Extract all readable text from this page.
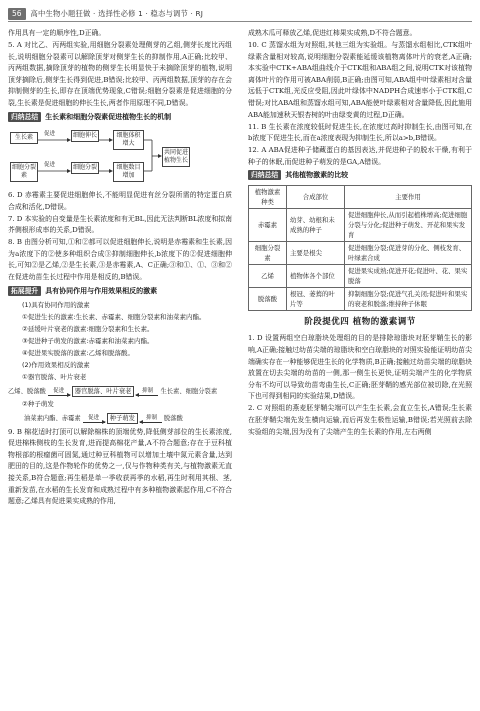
56	高中生物小题狂做 · 选择性必修 1 · 稳态与调节 · RJ

作用具有一定的顺序性,D正确。

5. A 对比乙、丙两组实验,用细胞分裂素处理侧芽的乙组,侧芽长度比丙组长,说明细胞分裂素可以解除顶芽对侧芽生长的抑制作用,A正确;比较甲、丙两组数据,摘除顶芽的植物的侧芽生长明显快于未摘除顶芽的植物,说明顶芽摘除后,侧芽生长得到促进,B错误;比较甲、丙两组数据,顶芽的存在会抑制侧芽的生长,即存在顶端优势现象,C错误;细胞分裂素是促进细胞的分裂,生长素是促进细胞的伸长生长,两者作用原理不同,D错误。

归纳总结 生长素和细胞分裂素促进植物生长的机制
生长素	促进	细胞伸长	细胞体积增大
细胞分裂素
促进	细胞分裂	细胞数目增加
共同促进植物生长

6. D 赤霉素主要促进细胞伸长,不能明显促进有丝分裂所需的特定蛋白质合成和活化,D错误。

7. D 本实验的自变量是生长素浓度和有无BL,因此无法判断BL浓度和拟南芥侧根形成率的关系,D错误。

8. B 由图分析可知,①和②都可以促进细胞伸长,说明是赤霉素和生长素,因为a浓度下的②使多种组织合成③抑制细胞伸长,b浓度下的②促进细胞伸长,可知②是乙烯,②是生长素,③是赤霉素,A、C正确;③和①、①、③和②在促进幼苗生长过程中作用是相反的,B错误。

拓展提升 具有协同作用与作用效果相反的激素

(1)具有协同作用的激素

①促进生长的激素:生长素、赤霉素、细胞分裂素和油菜素内酯。

②延缓叶片衰老的激素:细胞分裂素和生长素。

③促进种子萌发的激素:赤霉素和油菜素内酯。

④促进果实脱落的激素:乙烯和脱落酸。

(2)作用效果相反的激素

①器官脱落、叶片衰老

乙烯、脱落酸 促进	器官脱落、叶片衰老	抑制 生长素、细胞分裂素

②种子萌发

油菜素内酯、赤霉素 促进	种子萌发	抑制 脱落酸

9. B 棉花适时打顶可以解除棉株的顶端优势,降低侧芽部位的生长素浓度,促进棉株侧枝的生长发育,进而提高棉花产量,A不符合题意;存在于豆科植物根部的根瘤菌可固氮,通过种豆科植物可以增加土壤中氮元素含量,达到肥田的目的,这是作物轮作的优势之一,仅与作物种类有关,与植物激素无直接关系,B符合题意;再生稻是单一季收获再季的水稻,再生时利用其根、茎,重新发苗,在水稻的生长发育和成熟过程中有多种植物激素起作用,C不符合题意;乙烯具有促进果实成熟的作用,

成熟木瓜可释放乙烯,促进红柿果实成熟,D不符合题意。

10. C 蒸馏水组为对照组,其他三组为实验组。与蒸馏水组相比,CTK组叶绿素含量相对较高,说明细胞分裂素能延缓该植物离体叶片的衰老,A正确;本实验中CTK+ABA组曲线介于CTK组和ABA组之间,说明CTK对该植物离体叶片的作用可被ABA削弱,B正确;由图可知,ABA组中叶绿素相对含量远低于CTK组,光反应受阻,因此叶绿体中NADPH合成速率小于CTK组,C错误;对比ABA组和蒸馏水组可知,ABA能使叶绿素相对含量降低,因此施用ABA能加速秋天银杏树的叶由绿变黄的过程,D正确。

11. B 生长素在浓度较低时促进生长,在浓度过高时抑制生长,由图可知,在b浓度下促进生长,而在a浓度表现为抑制生长,所以a>b,B错误。

12. A ABA促进种子储藏蛋白的基因表达,并促进种子的脱水干燥,有利于种子的休眠,而促进种子萌发的是GA,A错误。

归纳总结 其他植物激素的比较
植物激素种类	合成部位	主要作用
赤霉素	幼芽、幼根和未成熟的种子	促进细胞伸长,从而引起植株增高;促进细胞分裂与分化;促进种子萌发、开花和果实发育
细胞分裂素	主要是根尖	促进细胞分裂;促进芽的分化、侧枝发育、叶绿素合成
乙烯	植物体各个部位	促进果实成熟;促进开花;促进叶、花、果实脱落
脱落酸	根冠、萎蔫的叶片等	抑制细胞分裂;促进气孔关闭;促进叶和果实的衰老和脱落;维持种子休眠
阶段提优四 植物的激素调节

1. D 设置两组空白琼脂块处理组的目的是排除琼脂块对胚芽鞘生长的影响,A正确;接触过幼苗尖端的琼脂块和空白琼脂块的对照实验能证明幼苗尖端确实存在一种能够促进生长的化学物质,B正确;接触过幼苗尖端的琼脂块放置在切去尖端的幼苗的一侧,那一侧生长更快,证明尖端产生的化学物质分布不均可以导致幼苗弯曲生长,C正确;胚芽鞘的感光部位被切除,在光照下也可得到相同的实验结果,D错误。

2. C 对照组的燕麦胚芽鞘尖端可以产生生长素,会直立生长,A错误;生长素在胚芽鞘尖端先发生横向运输,而后再发生极性运输,B错误;若光照前去除实验组的尖端,因为没有了尖端产生的生长素的作用,左右两侧
